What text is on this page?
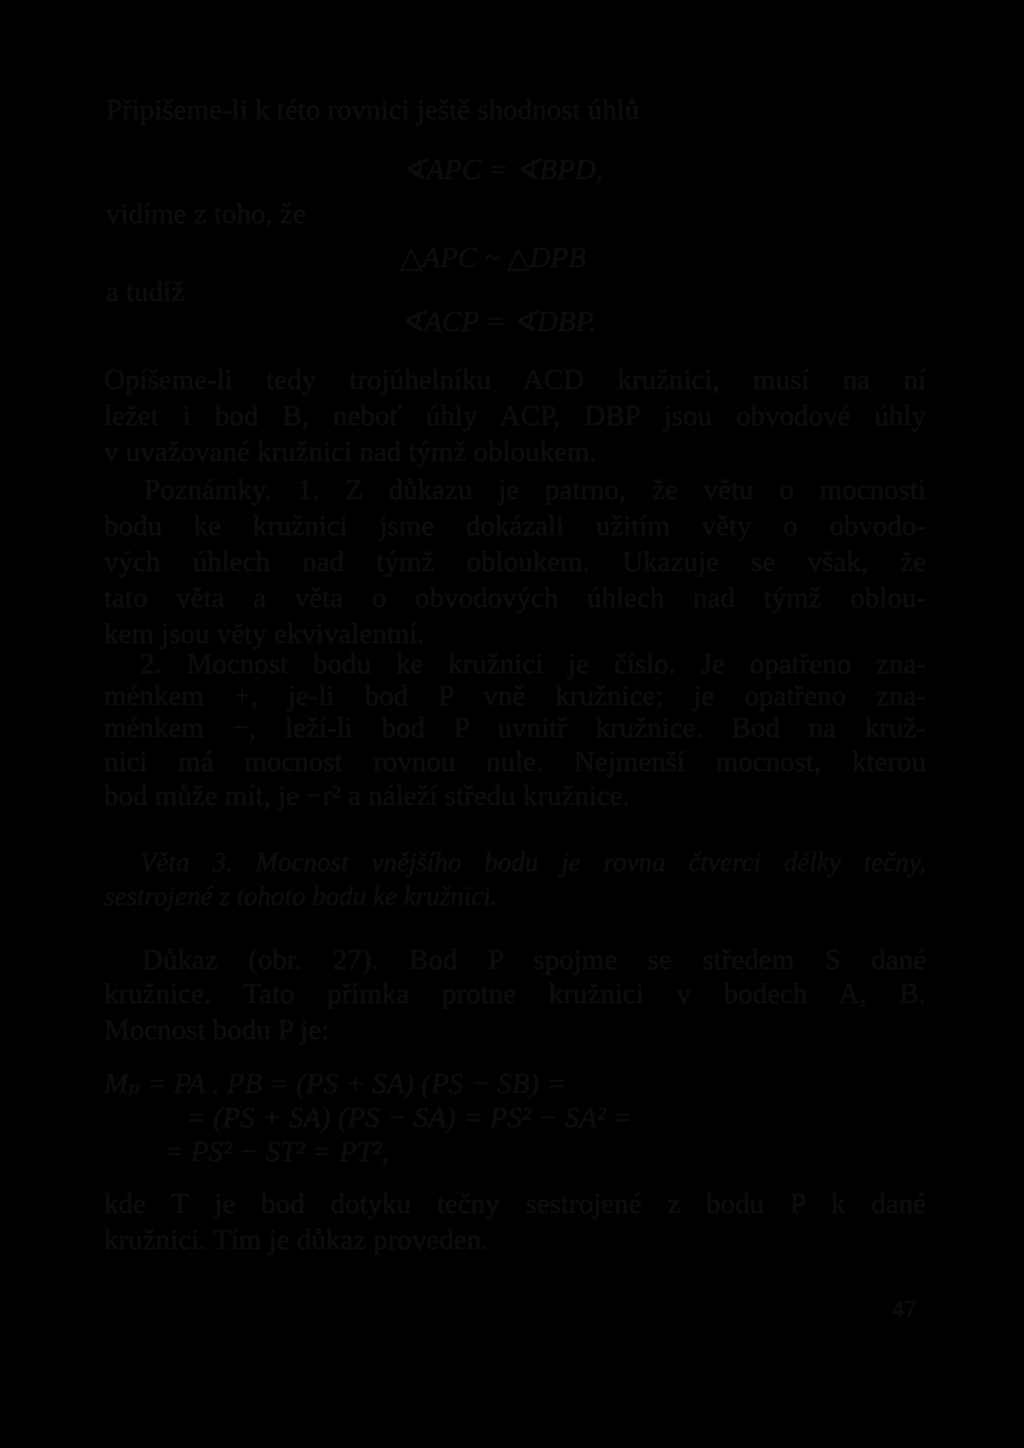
Připišeme-li k této rovnici ještě shodnost úhlů

∢APC = ∢BPD,

vidíme z toho, že

△APC ~ △DPB

a tudíž

∢ACP = ∢DBP.

Opíšeme-li tedy trojúhelníku ACD kružnici, musí na ní

ležet i bod B, neboť úhly ACP, DBP jsou obvodové úhly

v uvažované kružnici nad týmž obloukem.

Poznámky. 1. Z důkazu je patrno, že větu o mocnosti

bodu ke kružnici jsme dokázali užitím věty o obvodo-

vých úhlech nad týmž obloukem. Ukazuje se však, že

tato věta a věta o obvodových úhlech nad týmž oblou-

kem jsou věty ekvivalentní.

2. Mocnost bodu ke kružnici je číslo. Je opatřeno zna-

ménkem +, je-li bod P vně kružnice; je opatřeno zna-

ménkem −, leží-li bod P uvnitř kružnice. Bod na kruž-

nici má mocnost rovnou nule. Nejmenší mocnost, kterou

bod může mít, je −r² a náleží středu kružnice.

Věta 3. Mocnost vnějšího bodu je rovna čtverci délky tečny,

sestrojené z tohoto bodu ke kružnici.

Důkaz (obr. 27). Bod P spojme se středem S dané

kružnice. Tato přímka protne kružnici v bodech A, B.

Mocnost bodu P je:

Mₚ = PA . PB = (PS + SA) (PS − SB) =

= (PS + SA) (PS − SA) = PS² − SA² =

= PS² − ST² = PT²,

kde T je bod dotyku tečny sestrojené z bodu P k dané

kružnici. Tím je důkaz proveden.

47
